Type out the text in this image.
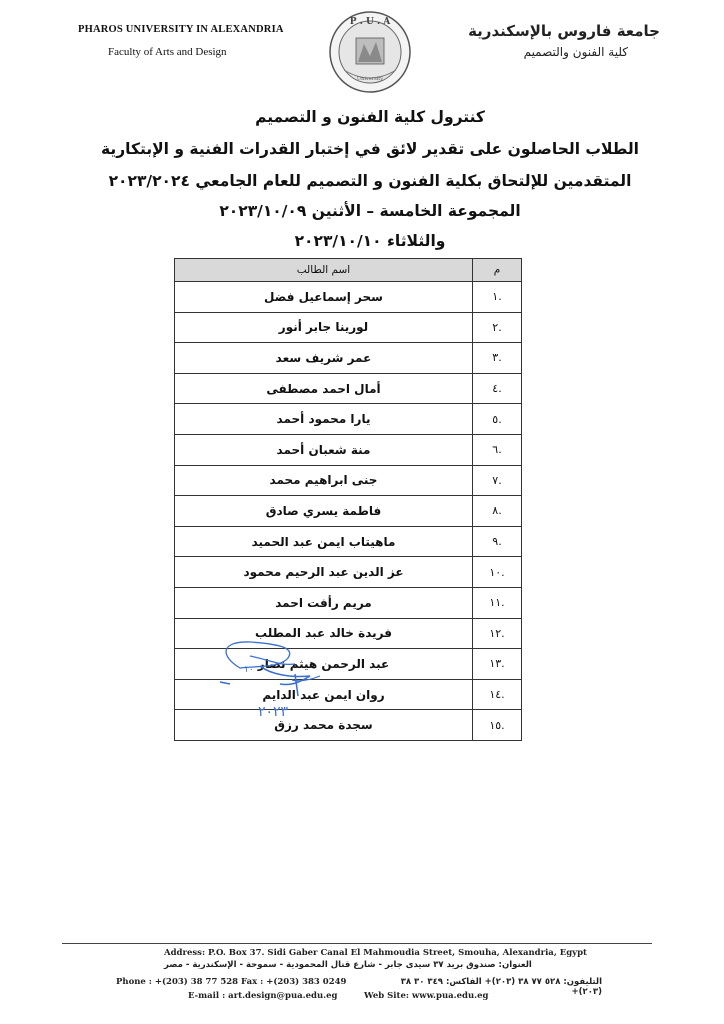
PHAROS UNIVERSITY IN ALEXANDRIA
Faculty of Arts and Design
جامعة فاروس بالإسكندرية
كلية الفنون والتصميم
P . U . A
University
كنترول كلية الفنون و التصميم
الطلاب الحاصلون على تقدير لائق في إختبار القدرات الفنية و الإبتكارية
المتقدمين للإلتحاق بكلية الفنون و التصميم للعام الجامعي ٢٠٢٣/٢٠٢٤
المجموعة الخامسة – الأثنين ٢٠٢٣/١٠/٠٩
والثلاثاء ٢٠٢٣/١٠/١٠
م	اسم الطالب
.١	سحر إسماعيل فضل
.٢	لورينا جابر أنور
.٣	عمر شريف سعد
.٤	أمال احمد مصطفى
.٥	يارا محمود أحمد
.٦	منة شعبان أحمد
.٧	جنى ابراهيم محمد
.٨	فاطمة يسري صادق
.٩	ماهيتاب ايمن عبد الحميد
.١٠	عز الدين عبد الرحيم محمود
.١١	مريم رأفت احمد
.١٢	فريدة خالد عبد المطلب
.١٣	عبد الرحمن هيثم نصار
.١٤	روان ايمن عبد الدايم
.١٥	سجدة محمد رزق
٢٠٢٣
١٠
Address: P.O. Box 37. Sidi Gaber Canal El Mahmoudia Street, Smouha, Alexandria, Egypt
العنوان: صندوق بريد ٣٧ سيدى جابر - شارع قنال المحمودية - سموحة - الإسكندرية - مصر
Phone : +(203) 38 77 528 Fax : +(203) 383 0249	التليفون: ٥٢٨ ٧٧ ٣٨ (٢٠٣)+ الفاكس: ٣٤٩ ٣٠ ٣٨ (٢٠٣)+
E-mail : art.design@pua.edu.eg	Web Site: www.pua.edu.eg
